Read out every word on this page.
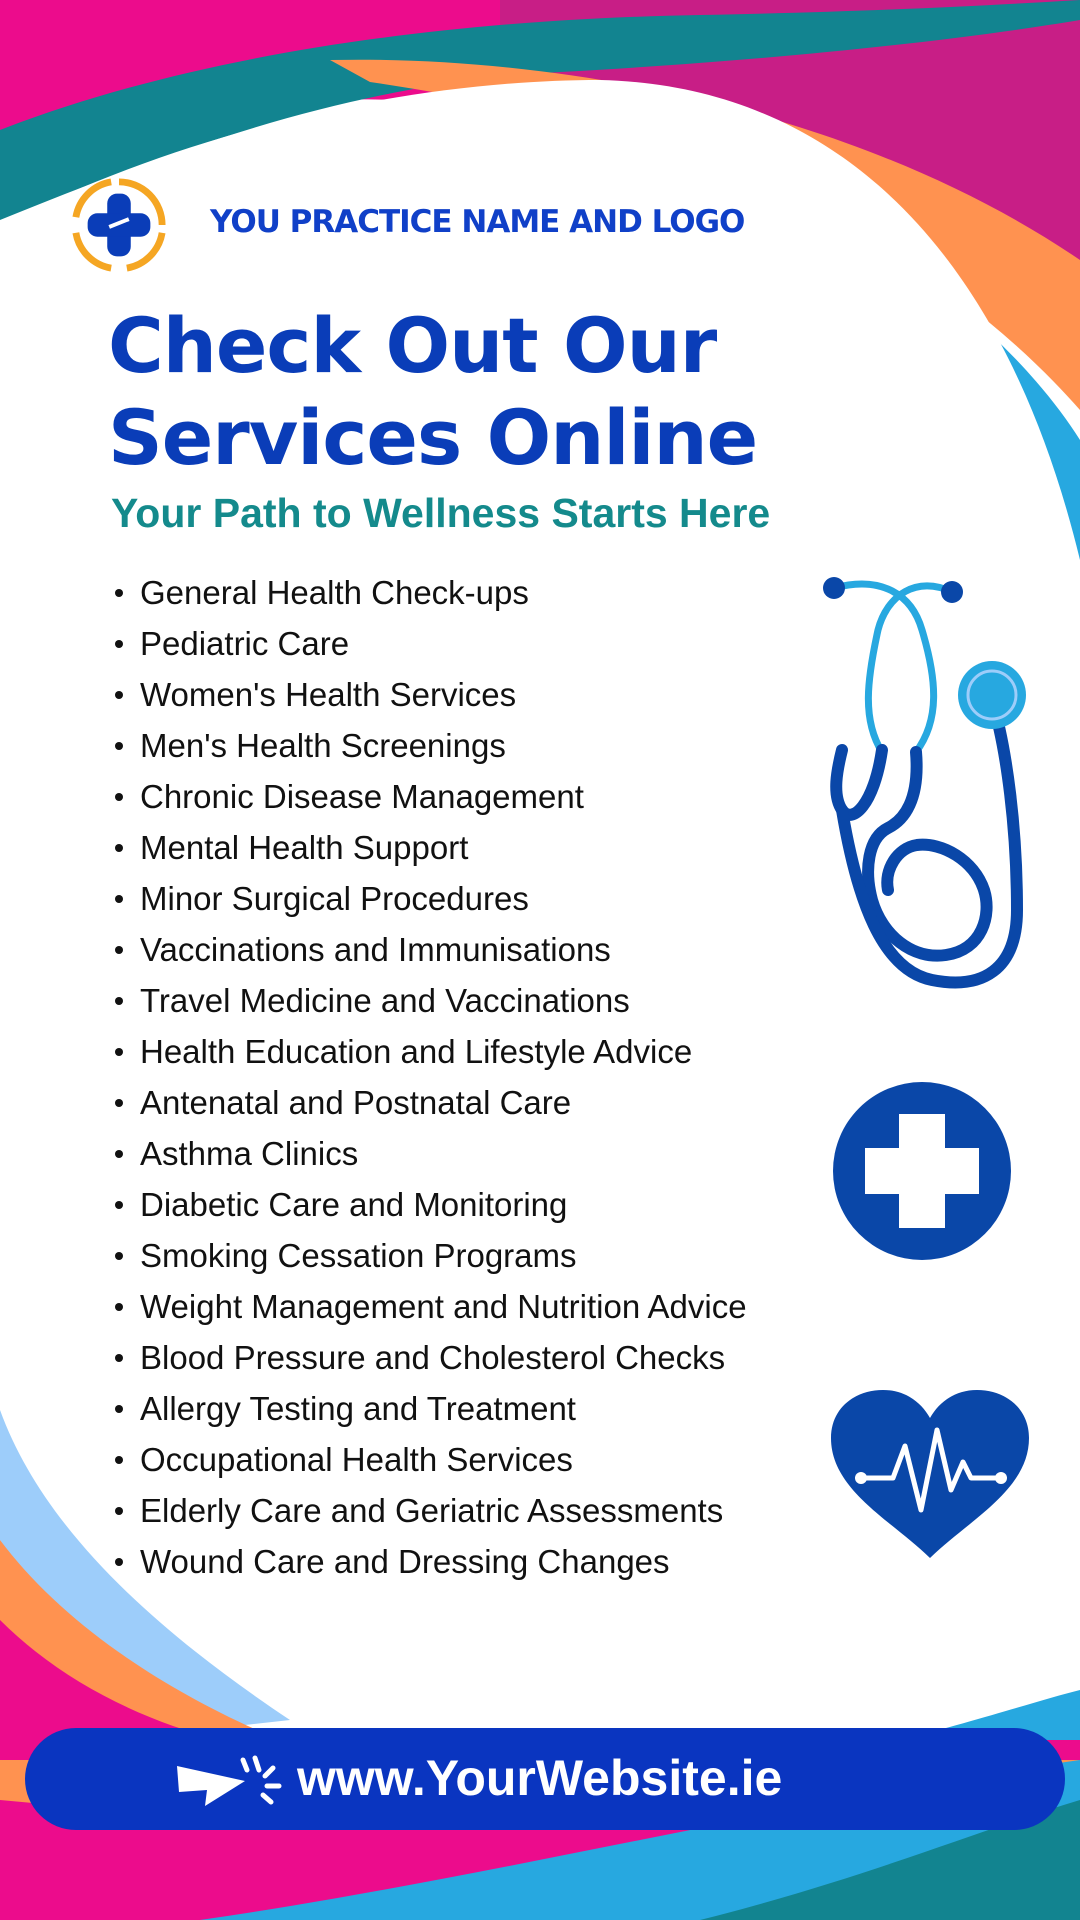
YOU PRACTICE NAME AND LOGO
Check Out Our
Services Online
Your Path to Wellness Starts Here
General Health Check-ups
Pediatric Care
Women's Health Services
Men's Health Screenings
Chronic Disease Management
Mental Health Support
Minor Surgical Procedures
Vaccinations and Immunisations
Travel Medicine and Vaccinations
Health Education and Lifestyle Advice
Antenatal and Postnatal Care
Asthma Clinics
Diabetic Care and Monitoring
Smoking Cessation Programs
Weight Management and Nutrition Advice
Blood Pressure and Cholesterol Checks
Allergy Testing and Treatment
Occupational Health Services
Elderly Care and Geriatric Assessments
Wound Care and Dressing Changes
www.YourWebsite.ie
